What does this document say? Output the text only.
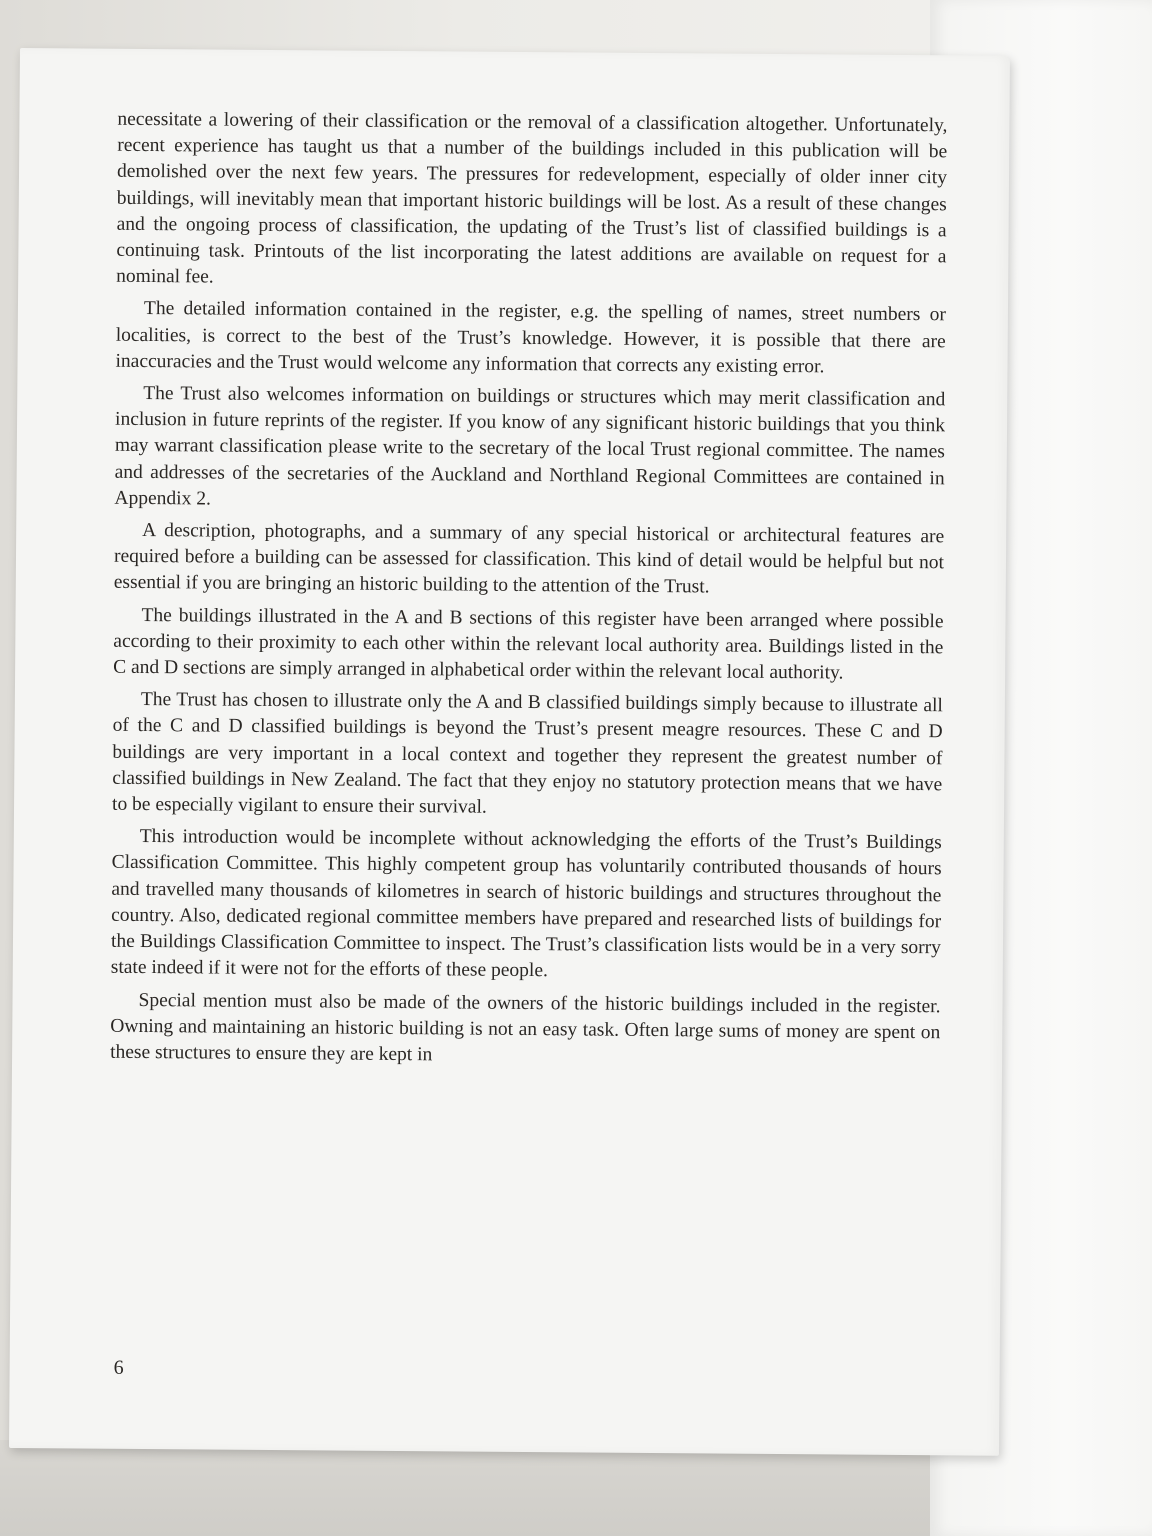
necessitate a lowering of their classification or the removal of a classification altogether. Unfortunately, recent experience has taught us that a number of the buildings included in this publication will be demolished over the next few years. The pressures for redevelopment, especially of older inner city buildings, will inevitably mean that important historic buildings will be lost. As a result of these changes and the ongoing process of classification, the updating of the Trust’s list of classified buildings is a continuing task. Printouts of the list incorporating the latest additions are available on request for a nominal fee.

The detailed information contained in the register, e.g. the spelling of names, street numbers or localities, is correct to the best of the Trust’s knowledge. However, it is possible that there are inaccuracies and the Trust would welcome any information that corrects any existing error.

The Trust also welcomes information on buildings or structures which may merit classification and inclusion in future reprints of the register. If you know of any significant historic buildings that you think may warrant classification please write to the secretary of the local Trust regional committee. The names and addresses of the secretaries of the Auckland and Northland Regional Committees are contained in Appendix 2.

A description, photographs, and a summary of any special historical or architectural features are required before a building can be assessed for classification. This kind of detail would be helpful but not essential if you are bringing an historic building to the attention of the Trust.

The buildings illustrated in the A and B sections of this register have been arranged where possible according to their proximity to each other within the relevant local authority area. Buildings listed in the C and D sections are simply arranged in alphabetical order within the relevant local authority.

The Trust has chosen to illustrate only the A and B classified buildings simply because to illustrate all of the C and D classified buildings is beyond the Trust’s present meagre resources. These C and D buildings are very important in a local context and together they represent the greatest number of classified buildings in New Zealand. The fact that they enjoy no statutory protection means that we have to be especially vigilant to ensure their survival.

This introduction would be incomplete without acknowledging the efforts of the Trust’s Buildings Classification Committee. This highly competent group has voluntarily contributed thousands of hours and travelled many thousands of kilometres in search of historic buildings and structures throughout the country. Also, dedicated regional committee members have prepared and researched lists of buildings for the Buildings Classification Committee to inspect. The Trust’s classification lists would be in a very sorry state indeed if it were not for the efforts of these people.

Special mention must also be made of the owners of the historic buildings included in the register. Owning and maintaining an historic building is not an easy task. Often large sums of money are spent on these structures to ensure they are kept in

6
